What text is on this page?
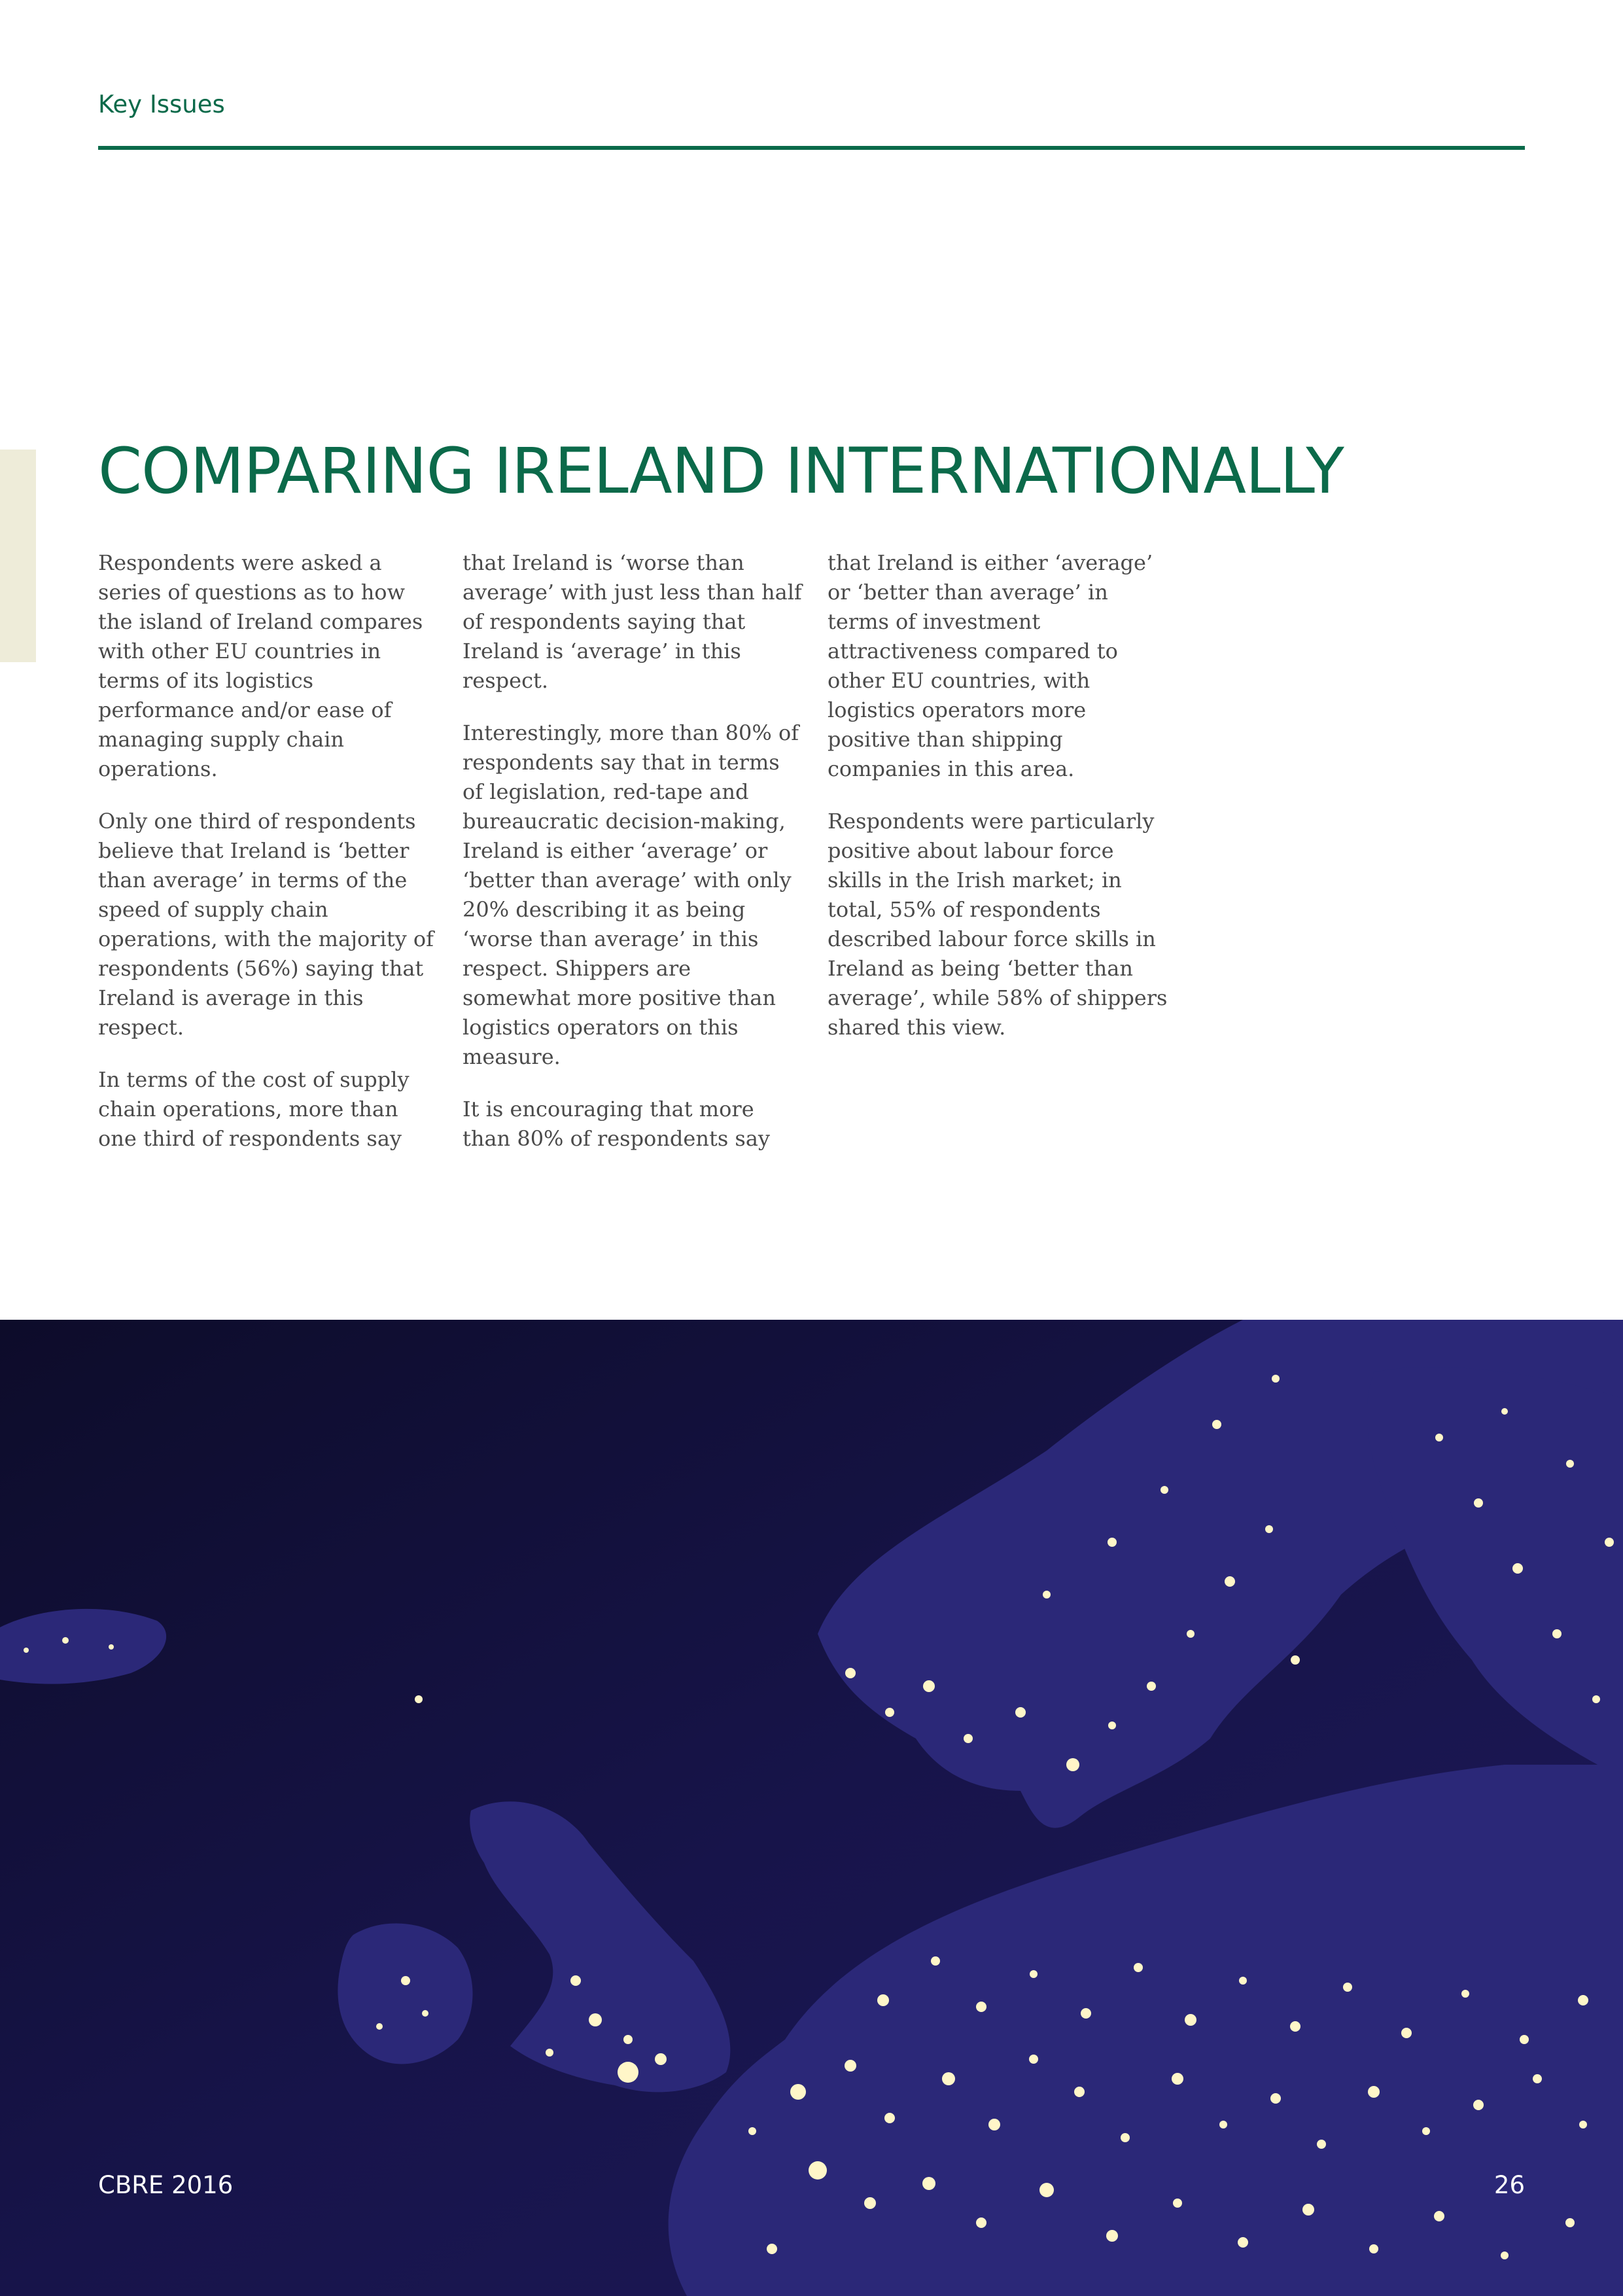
Key Issues
COMPARING IRELAND INTERNATIONALLY

Respondents were asked a series of questions as to how the island of Ireland compares with other EU countries in terms of its logistics performance and/or ease of managing supply chain operations.

Only one third of respondents believe that Ireland is ‘better than average’ in terms of the speed of supply chain operations, with the majority of respondents (56%) saying that Ireland is average in this respect.

In terms of the cost of supply chain operations, more than one third of respondents say

that Ireland is ‘worse than average’ with just less than half of respondents saying that Ireland is ‘average’ in this respect.

Interestingly, more than 80% of respondents say that in terms of legislation, red-tape and bureaucratic decision-making, Ireland is either ‘average’ or ‘better than average’ with only 20% describing it as being ‘worse than average’ in this respect. Shippers are somewhat more positive than logistics operators on this measure.

It is encouraging that more than 80% of respondents say

that Ireland is either ‘average’ or ‘better than average’ in terms of investment attractiveness compared to other EU countries, with logistics operators more positive than shipping companies in this area.

Respondents were particularly positive about labour force skills in the Irish market; in total, 55% of respondents described labour force skills in Ireland as being ‘better than average’, while 58% of shippers shared this view.

CBRE 2016	26
